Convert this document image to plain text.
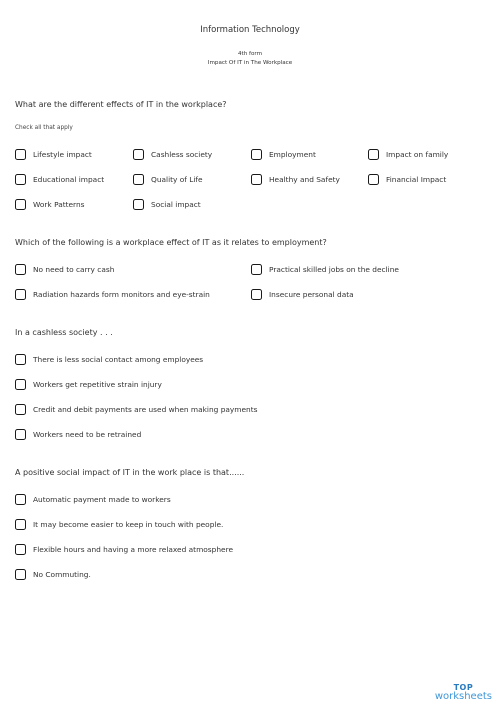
Information Technology
4th form
Impact Of IT in The Workplace
What are the different effects of IT in the workplace?
Check all that apply
Lifestyle impact	Cashless society	Employment	Impact on family
Educational impact	Quality of Life	Healthy and Safety	Financial Impact
Work Patterns	Social impact
Which of the following is a workplace effect of IT as it relates to employment?
No need to carry cash	Practical skilled jobs on the decline
Radiation hazards form monitors and eye-strain	Insecure personal data
In a cashless society . . .
There is less social contact among employees
Workers get repetitive strain injury
Credit and debit payments are used when making payments
Workers need to be retrained
A positive social impact of IT in the work place is that......
Automatic payment made to workers
It may become easier to keep in touch with people.
Flexible hours and having a more relaxed atmosphere
No Commuting.
TOP
worksheets
